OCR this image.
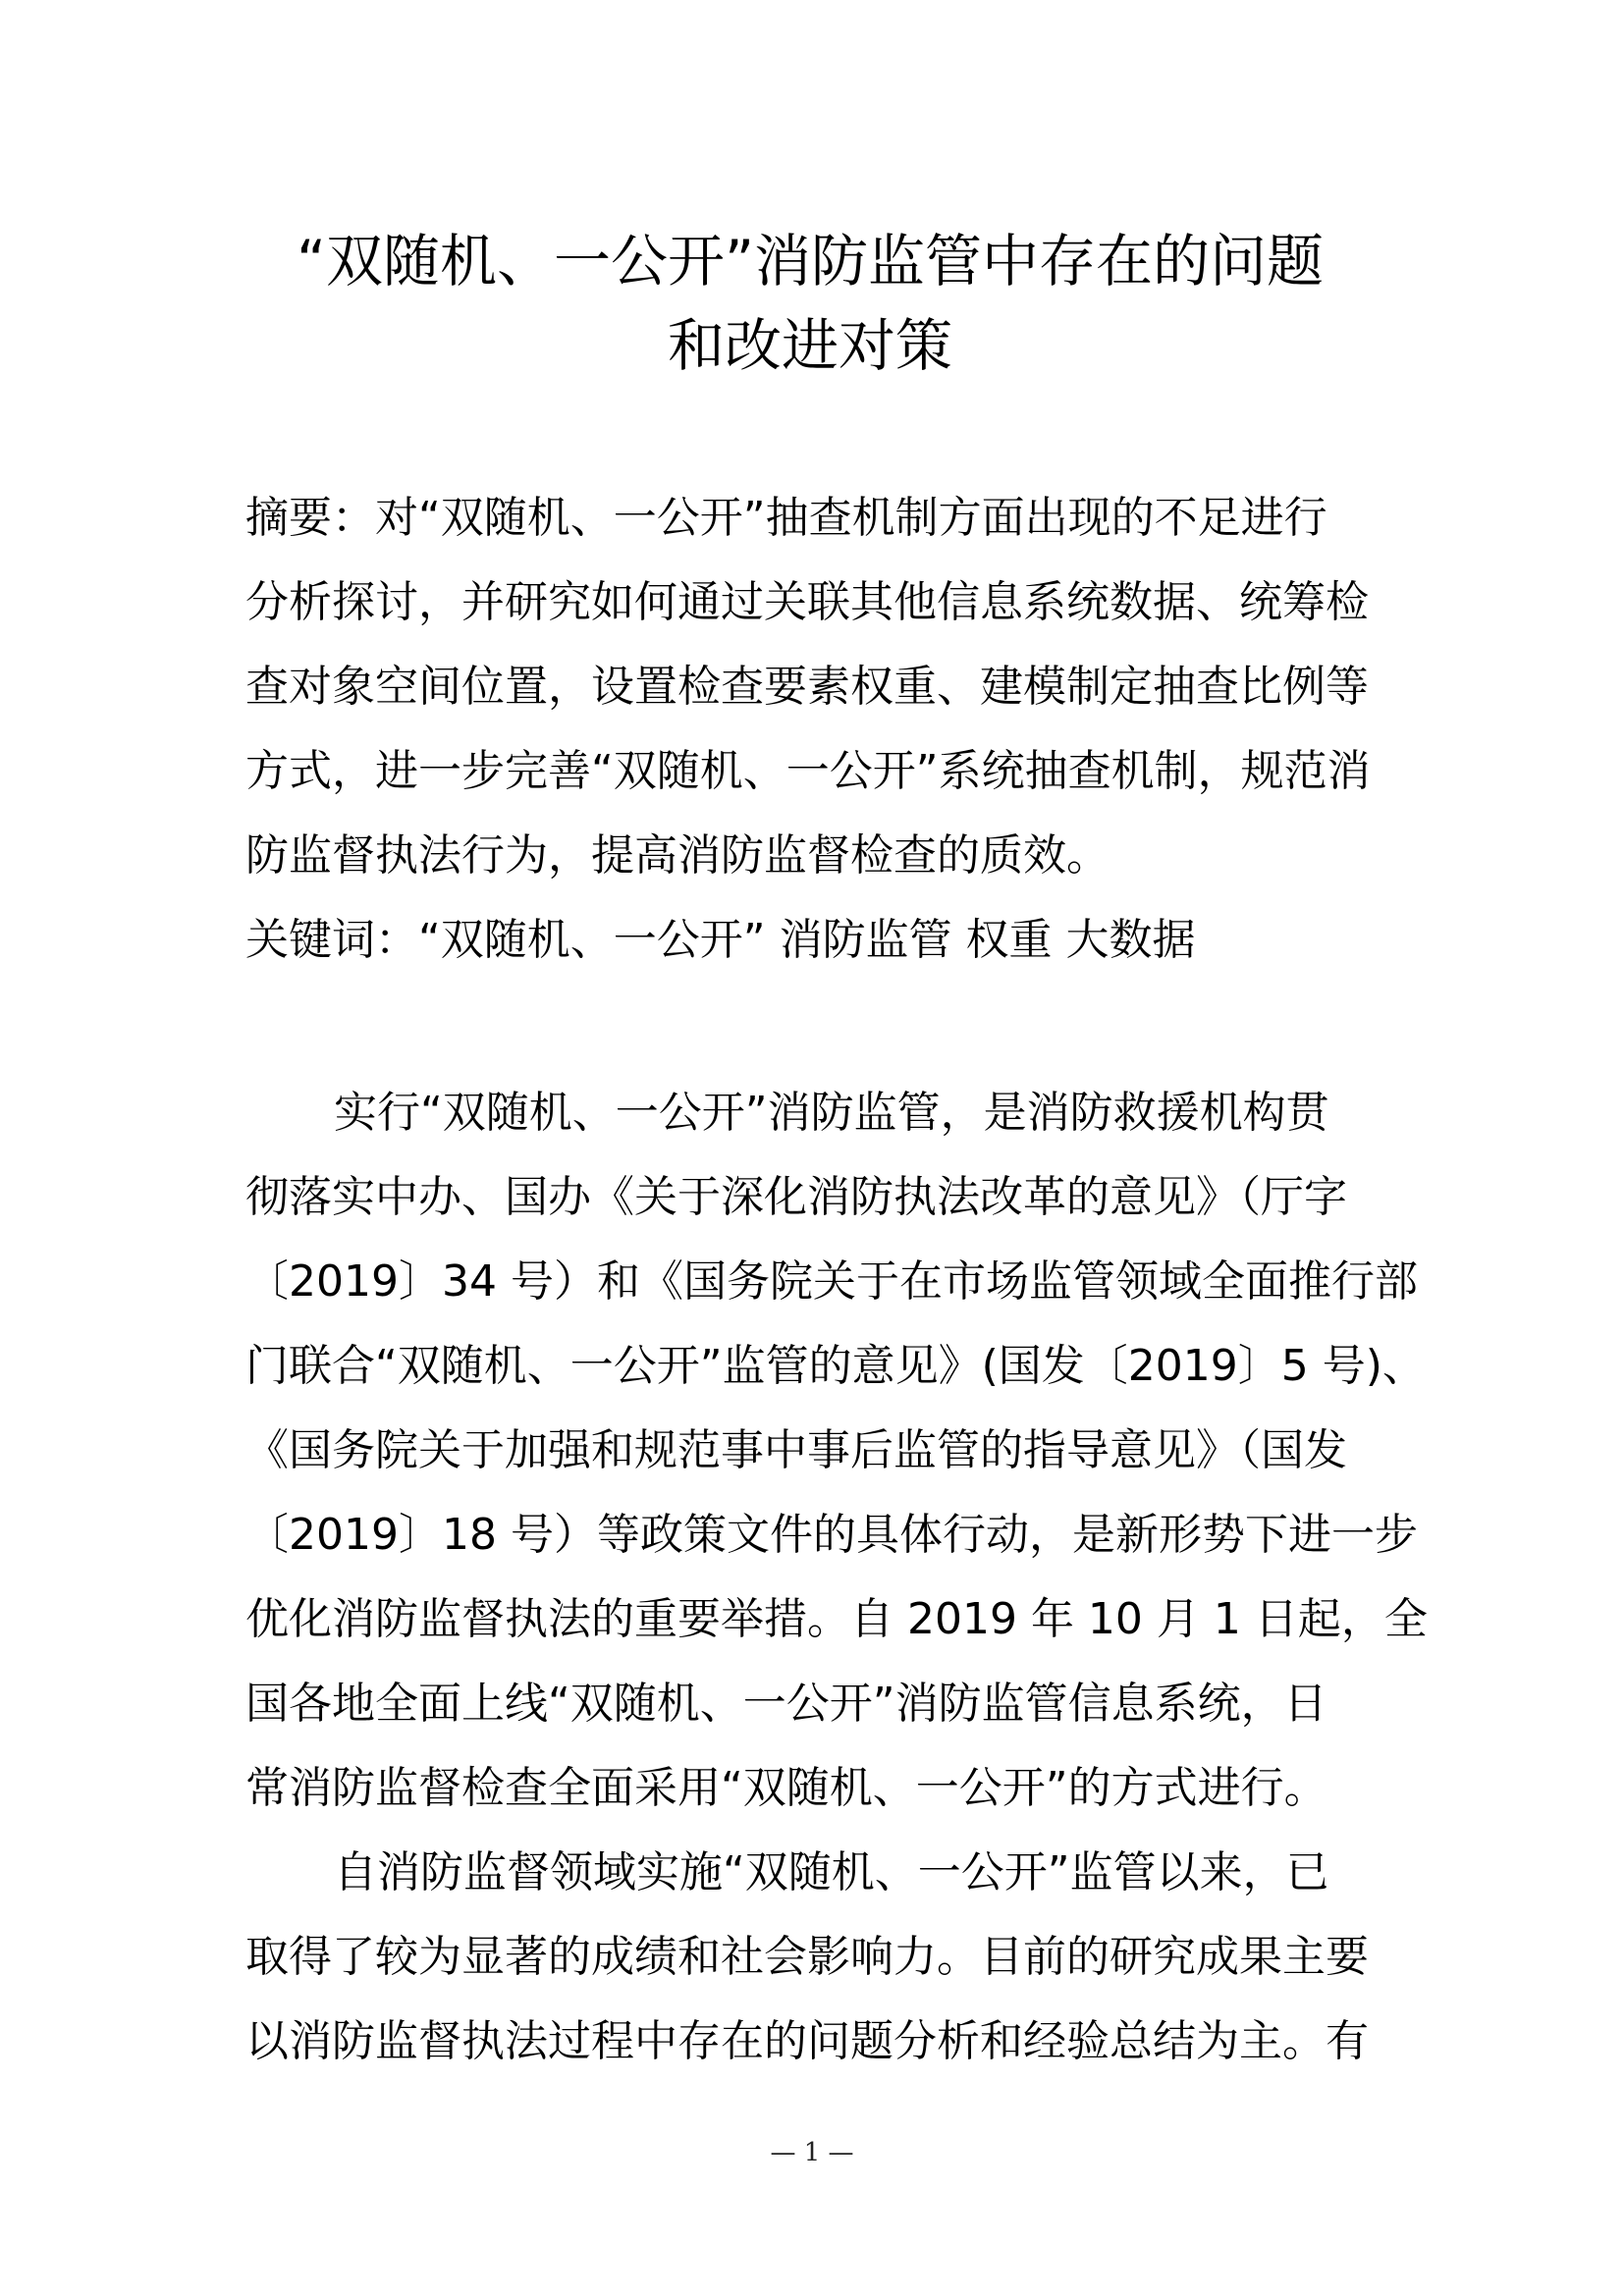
“双随机、一公开”消防监管中存在的问题
和改进对策
摘要：对“双随机、一公开”抽查机制方面出现的不足进行
分析探讨，并研究如何通过关联其他信息系统数据、统筹检
查对象空间位置，设置检查要素权重、建模制定抽查比例等
方式，进一步完善“双随机、一公开”系统抽查机制，规范消
防监督执法行为，提高消防监督检查的质效。
关键词：“双随机、一公开” 消防监管 权重 大数据
实行“双随机、一公开”消防监管，是消防救援机构贯
彻落实中办、国办《关于深化消防执法改革的意见》（厅字
〔2019〕34 号）和《国务院关于在市场监管领域全面推行部
门联合“双随机、一公开”监管的意见》(国发〔2019〕5 号)、
《国务院关于加强和规范事中事后监管的指导意见》（国发
〔2019〕18 号）等政策文件的具体行动，是新形势下进一步
优化消防监督执法的重要举措。自 2019 年 10 月 1 日起，全
国各地全面上线“双随机、一公开”消防监管信息系统，日
常消防监督检查全面采用“双随机、一公开”的方式进行。
自消防监督领域实施“双随机、一公开”监管以来，已
取得了较为显著的成绩和社会影响力。目前的研究成果主要
以消防监督执法过程中存在的问题分析和经验总结为主。有
— 1 —
